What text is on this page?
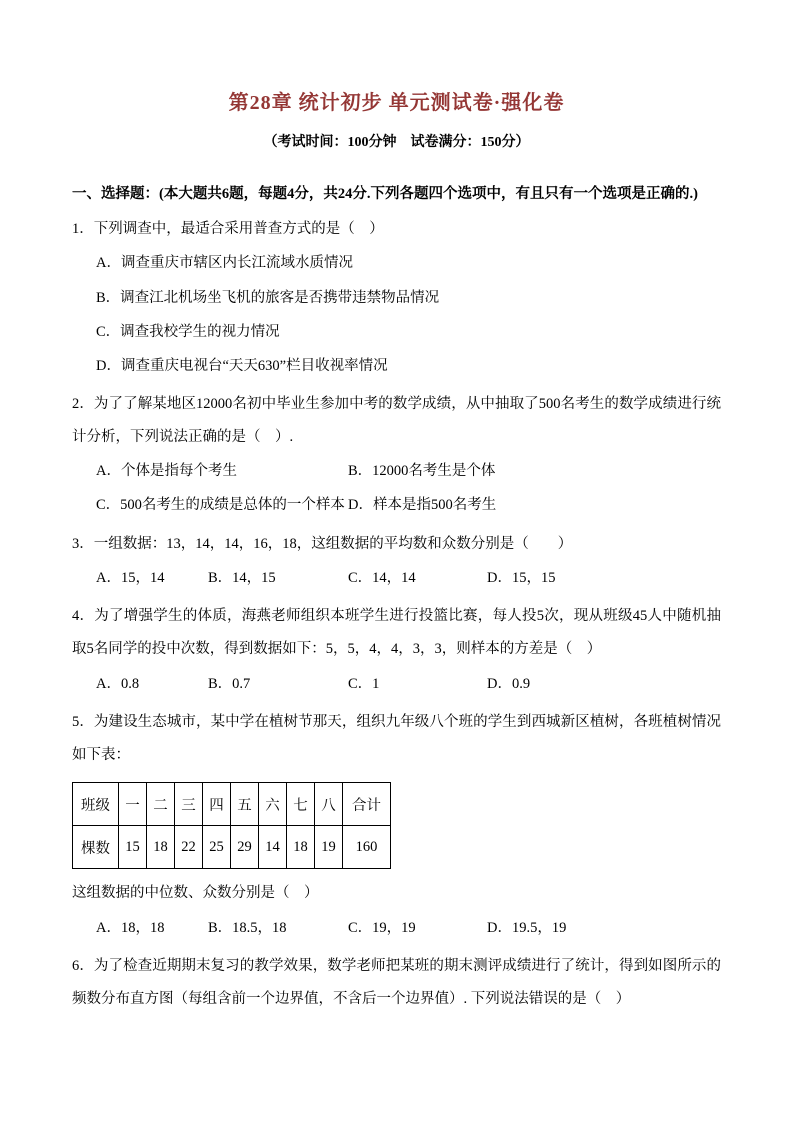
第28章 统计初步 单元测试卷·强化卷

（考试时间：100分钟　试卷满分：150分）

一、选择题：(本大题共6题，每题4分，共24分.下列各题四个选项中，有且只有一个选项是正确的.)

1．下列调查中，最适合采用普查方式的是（　）

A．调查重庆市辖区内长江流域水质情况

B．调查江北机场坐飞机的旅客是否携带违禁物品情况

C．调查我校学生的视力情况

D．调查重庆电视台“天天630”栏目收视率情况

2．为了了解某地区12000名初中毕业生参加中考的数学成绩，从中抽取了500名考生的数学成绩进行统计分析，下列说法正确的是（　）.

A．个体是指每个考生	B．12000名考生是个体

C．500名考生的成绩是总体的一个样本 D．样本是指500名考生

3．一组数据：13，14，14，16，18，这组数据的平均数和众数分别是（　　）

A．15，14	B．14，15	C．14，14	D．15，15

4．为了增强学生的体质，海燕老师组织本班学生进行投篮比赛，每人投5次，现从班级45人中随机抽取5名同学的投中次数，得到数据如下：5，5，4，4，3，3，则样本的方差是（　）

A．0.8	B．0.7	C．1	D．0.9

5．为建设生态城市，某中学在植树节那天，组织九年级八个班的学生到西城新区植树，各班植树情况如下表：

班级	一	二	三	四	五	六	七	八	合计
棵数	15	18	22	25	29	14	18	19	160

这组数据的中位数、众数分别是（　）

A．18，18	B．18.5，18	C．19，19	D．19.5，19

6．为了检查近期期末复习的教学效果，数学老师把某班的期末测评成绩进行了统计，得到如图所示的频数分布直方图（每组含前一个边界值，不含后一个边界值）. 下列说法错误的是（　）
